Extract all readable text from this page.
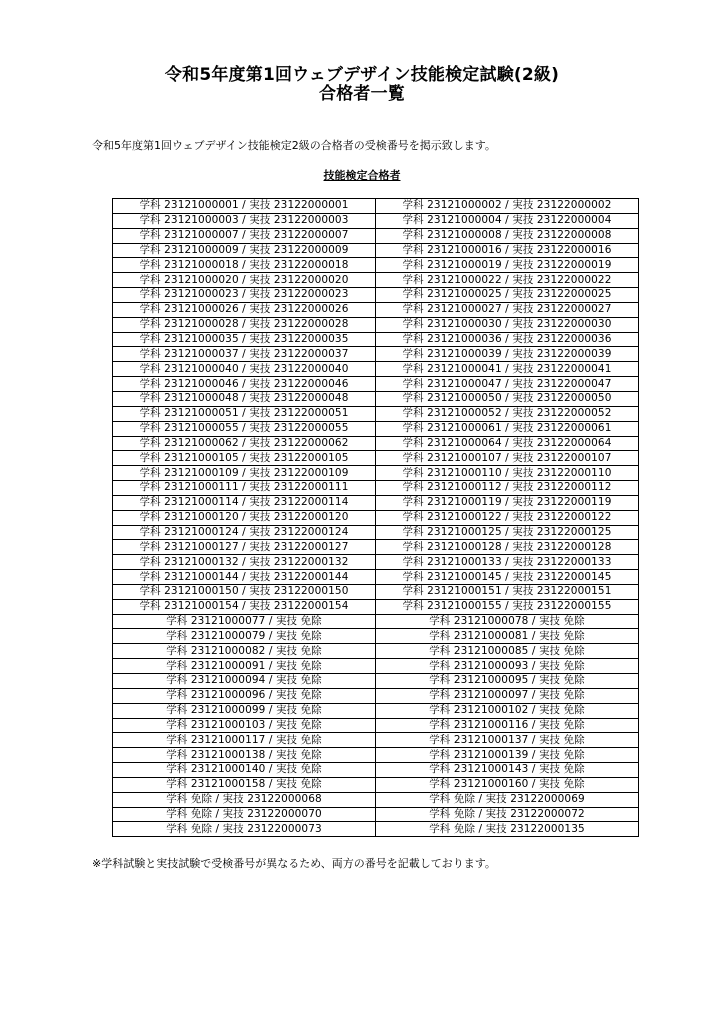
令和5年度第1回ウェブデザイン技能検定試験(2級)
合格者一覧
令和5年度第1回ウェブデザイン技能検定2級の合格者の受検番号を掲示致します。
技能検定合格者
学科 23121000001 / 実技 23122000001	学科 23121000002 / 実技 23122000002
学科 23121000003 / 実技 23122000003	学科 23121000004 / 実技 23122000004
学科 23121000007 / 実技 23122000007	学科 23121000008 / 実技 23122000008
学科 23121000009 / 実技 23122000009	学科 23121000016 / 実技 23122000016
学科 23121000018 / 実技 23122000018	学科 23121000019 / 実技 23122000019
学科 23121000020 / 実技 23122000020	学科 23121000022 / 実技 23122000022
学科 23121000023 / 実技 23122000023	学科 23121000025 / 実技 23122000025
学科 23121000026 / 実技 23122000026	学科 23121000027 / 実技 23122000027
学科 23121000028 / 実技 23122000028	学科 23121000030 / 実技 23122000030
学科 23121000035 / 実技 23122000035	学科 23121000036 / 実技 23122000036
学科 23121000037 / 実技 23122000037	学科 23121000039 / 実技 23122000039
学科 23121000040 / 実技 23122000040	学科 23121000041 / 実技 23122000041
学科 23121000046 / 実技 23122000046	学科 23121000047 / 実技 23122000047
学科 23121000048 / 実技 23122000048	学科 23121000050 / 実技 23122000050
学科 23121000051 / 実技 23122000051	学科 23121000052 / 実技 23122000052
学科 23121000055 / 実技 23122000055	学科 23121000061 / 実技 23122000061
学科 23121000062 / 実技 23122000062	学科 23121000064 / 実技 23122000064
学科 23121000105 / 実技 23122000105	学科 23121000107 / 実技 23122000107
学科 23121000109 / 実技 23122000109	学科 23121000110 / 実技 23122000110
学科 23121000111 / 実技 23122000111	学科 23121000112 / 実技 23122000112
学科 23121000114 / 実技 23122000114	学科 23121000119 / 実技 23122000119
学科 23121000120 / 実技 23122000120	学科 23121000122 / 実技 23122000122
学科 23121000124 / 実技 23122000124	学科 23121000125 / 実技 23122000125
学科 23121000127 / 実技 23122000127	学科 23121000128 / 実技 23122000128
学科 23121000132 / 実技 23122000132	学科 23121000133 / 実技 23122000133
学科 23121000144 / 実技 23122000144	学科 23121000145 / 実技 23122000145
学科 23121000150 / 実技 23122000150	学科 23121000151 / 実技 23122000151
学科 23121000154 / 実技 23122000154	学科 23121000155 / 実技 23122000155
学科 23121000077 / 実技 免除	学科 23121000078 / 実技 免除
学科 23121000079 / 実技 免除	学科 23121000081 / 実技 免除
学科 23121000082 / 実技 免除	学科 23121000085 / 実技 免除
学科 23121000091 / 実技 免除	学科 23121000093 / 実技 免除
学科 23121000094 / 実技 免除	学科 23121000095 / 実技 免除
学科 23121000096 / 実技 免除	学科 23121000097 / 実技 免除
学科 23121000099 / 実技 免除	学科 23121000102 / 実技 免除
学科 23121000103 / 実技 免除	学科 23121000116 / 実技 免除
学科 23121000117 / 実技 免除	学科 23121000137 / 実技 免除
学科 23121000138 / 実技 免除	学科 23121000139 / 実技 免除
学科 23121000140 / 実技 免除	学科 23121000143 / 実技 免除
学科 23121000158 / 実技 免除	学科 23121000160 / 実技 免除
学科 免除 / 実技 23122000068	学科 免除 / 実技 23122000069
学科 免除 / 実技 23122000070	学科 免除 / 実技 23122000072
学科 免除 / 実技 23122000073	学科 免除 / 実技 23122000135
※学科試験と実技試験で受検番号が異なるため、両方の番号を記載しております。
